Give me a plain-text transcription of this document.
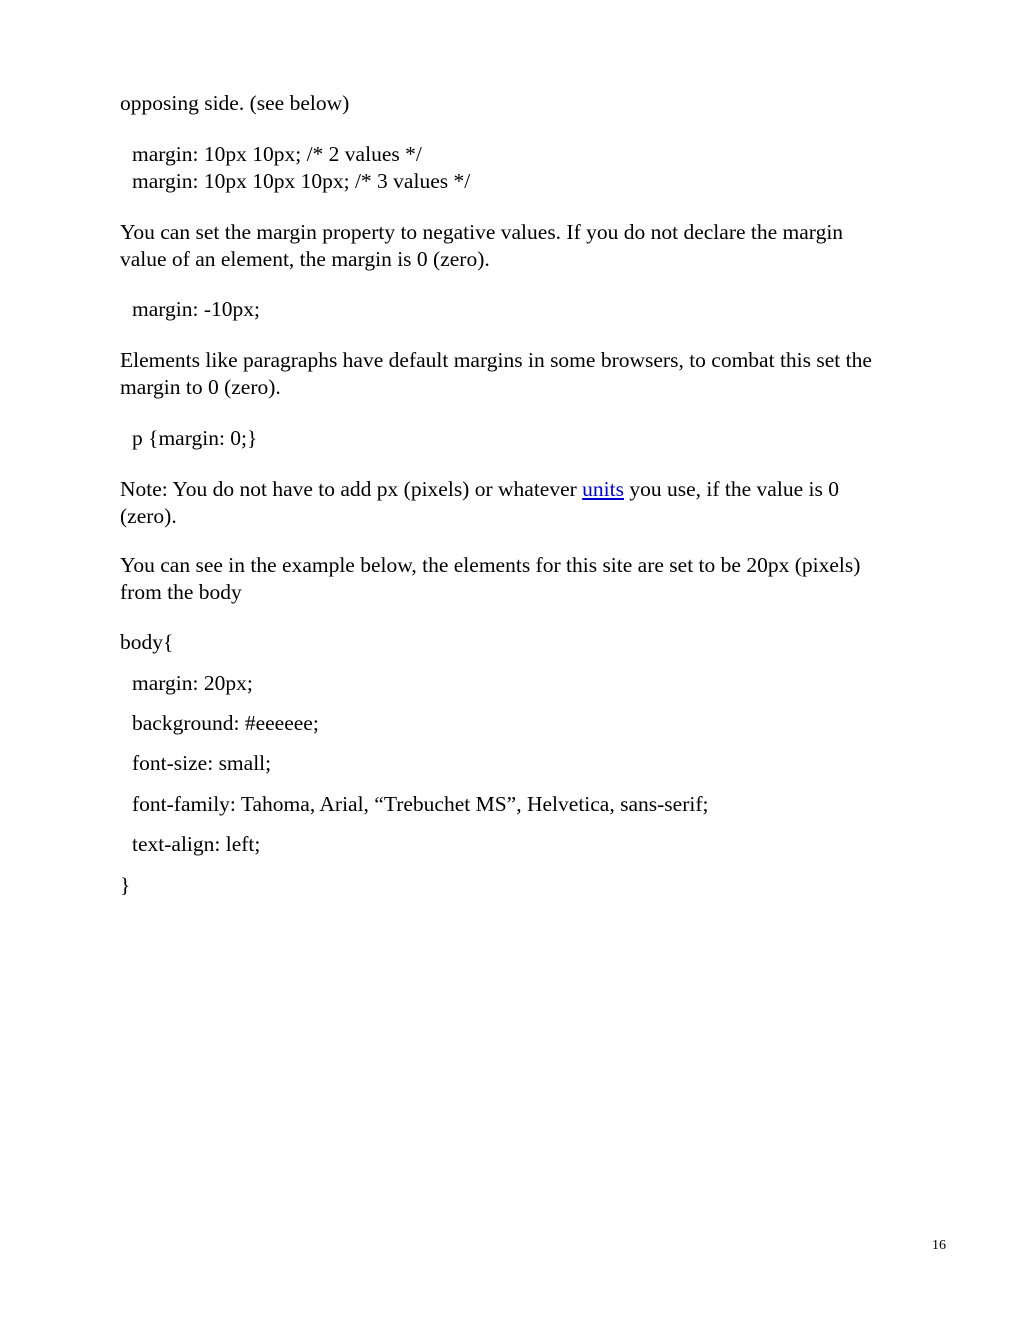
opposing side. (see below)
margin: 10px 10px; /* 2 values */
margin: 10px 10px 10px; /* 3 values */
You can set the margin property to negative values. If you do not declare the margin
value of an element, the margin is 0 (zero).
margin: -10px;
Elements like paragraphs have default margins in some browsers, to combat this set the
margin to 0 (zero).
p {margin: 0;}
Note: You do not have to add px (pixels) or whatever units you use, if the value is 0
(zero).
You can see in the example below, the elements for this site are set to be 20px (pixels)
from the body
body{
margin: 20px;
background: #eeeeee;
font-size: small;
font-family: Tahoma, Arial, “Trebuchet MS”, Helvetica, sans-serif;
text-align: left;
}
16
